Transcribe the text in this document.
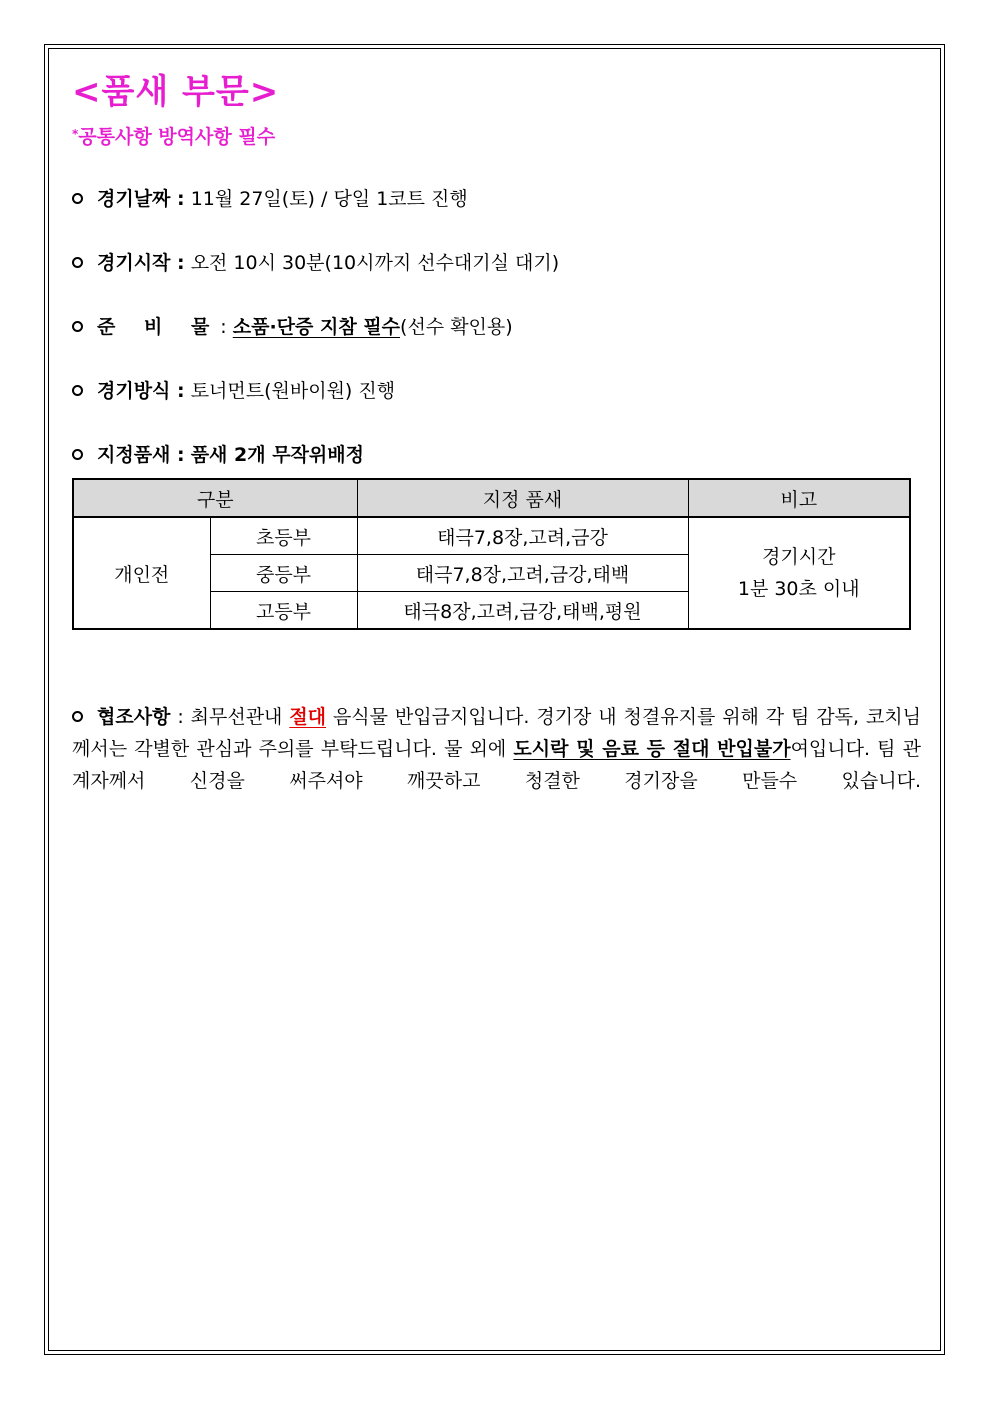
<품새 부문>
*공통사항 방역사항 필수
경기날짜 : 11월 27일(토) / 당일 1코트 진행
경기시작 : 오전 10시 30분(10시까지 선수대기실 대기)
준 비 물: 소품·단증 지참 필수(선수 확인용)
경기방식 : 토너먼트(원바이원) 진행
지정품새 : 품새 2개 무작위배정
구분		지정 품새	비고
개인전	초등부	태극7,8장,고려,금강	경기시간
1분 30초 이내

	중등부	태극7,8장,고려,금강,태백	
	고등부	태극8장,고려,금강,태백,평원	
협조사항 : 최무선관내 절대 음식물 반입금지입니다. 경기장 내 청결유지를 위해 각 팀 감독, 코치님께서는 각별한 관심과 주의를 부탁드립니다. 물 외에 도시락 및 음료 등 절대 반입불가여입니다. 팀 관계자께서 신경을 써주셔야 깨끗하고 청결한 경기장을 만들수 있습니다.
